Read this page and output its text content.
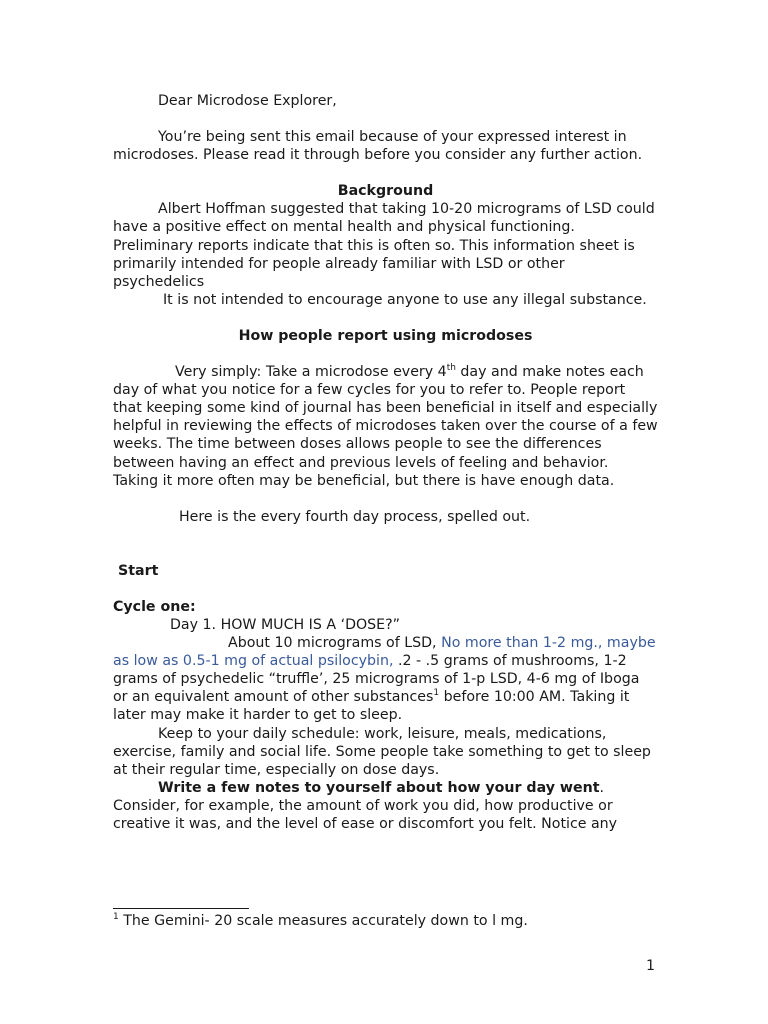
Dear Microdose Explorer,

You’re being sent this email because of your expressed interest in microdoses. Please read it through before you consider any further action.

Background

Albert Hoffman suggested that taking 10-20 micrograms of LSD could have a positive effect on mental health and physical functioning. Preliminary reports indicate that this is often so. This information sheet is primarily intended for people already familiar with LSD or other psychedelics

It is not intended to encourage anyone to use any illegal substance.

How people report using microdoses

Very simply: Take a microdose every 4th day and make notes each day of what you notice for a few cycles for you to refer to. People report that keeping some kind of journal has been beneficial in itself and especially helpful in reviewing the effects of microdoses taken over the course of a few weeks. The time between doses allows people to see the differences between having an effect and previous levels of feeling and behavior. Taking it more often may be beneficial, but there is have enough data.

Here is the every fourth day process, spelled out.

Start

Cycle one:

Day 1. HOW MUCH IS A ‘DOSE?”

About 10 micrograms of LSD, No more than 1-2 mg., maybe as low as 0.5-1 mg of actual psilocybin, .2 - .5 grams of mushrooms, 1-2 grams of psychedelic “truffle’, 25 micrograms of 1-p LSD, 4-6 mg of Iboga or an equivalent amount of other substances$^1$ before 10:00 AM. Taking it later may make it harder to get to sleep.

Keep to your daily schedule: work, leisure, meals, medications, exercise, family and social life. Some people take something to get to sleep at their regular time, especially on dose days.

Write a few notes to yourself about how your day went. Consider, for example, the amount of work you did, how productive or creative it was, and the level of ease or discomfort you felt. Notice any

$^1$ The Gemini- 20 scale measures accurately down to l mg.
1
